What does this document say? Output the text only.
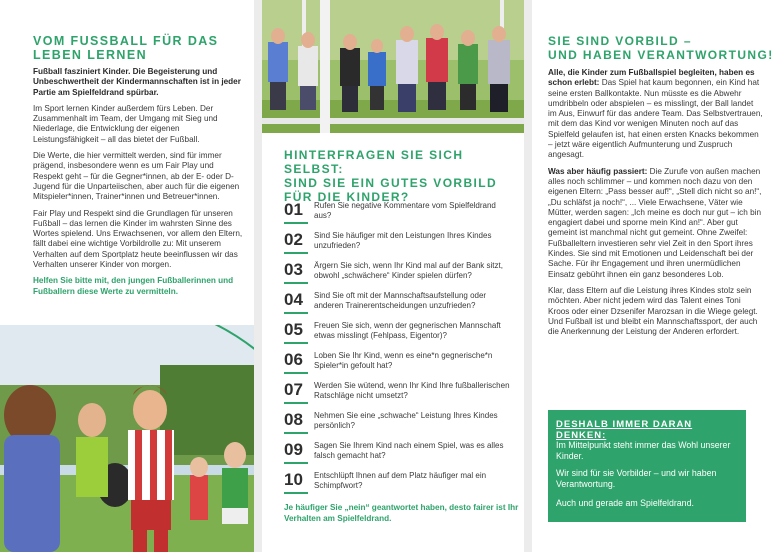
VOM FUSSBALL FÜR DAS
LEBEN LERNEN

Fußball fasziniert Kinder. Die Begeisterung und Unbeschwertheit der Kindermannschaften ist in jeder Partie am Spielfeldrand spürbar.

Im Sport lernen Kinder außerdem fürs Leben. Der Zusammenhalt im Team, der Umgang mit Sieg und Niederlage, die Entwicklung der eigenen Leistungsfähigkeit – all das bietet der Fußball.

Die Werte, die hier vermittelt werden, sind für immer prägend, insbesondere wenn es um Fair Play und Respekt geht – für die Gegner*innen, ab der E- oder D-Jugend für die Unparteiischen, aber auch für die eigenen Mitspieler*innen, Trainer*innen und Betreuer*innen.

Fair Play und Respekt sind die Grundlagen für unseren Fußball – das lernen die Kinder im wahrsten Sinne des Wortes spielend. Uns Erwachsenen, vor allem den Eltern, fällt dabei eine wichtige Vorbildrolle zu: Mit unserem Verhalten auf dem Sportplatz heute beeinflussen wir das Verhalten unserer Kinder von morgen.

Helfen Sie bitte mit, den jungen Fußballerinnen und Fußballern diese Werte zu vermitteln.

HINTERFRAGEN SIE SICH SELBST:
SIND SIE EIN GUTES VORBILD
FÜR DIE KINDER?
01	Rufen Sie negative Kommentare vom Spielfeldrand aus?
02	Sind Sie häufiger mit den Leistungen Ihres Kindes unzufrieden?
03	Ärgern Sie sich, wenn Ihr Kind mal auf der Bank sitzt, obwohl „schwächere“ Kinder spielen dürfen?
04	Sind Sie oft mit der Mannschaftsaufstellung oder anderen Trainerentscheidungen unzufrieden?
05	Freuen Sie sich, wenn der gegnerischen Mannschaft etwas misslingt (Fehlpass, Eigentor)?
06	Loben Sie Ihr Kind, wenn es eine*n gegnerische*n Spieler*in gefoult hat?
07	Werden Sie wütend, wenn Ihr Kind Ihre fußballerischen Ratschläge nicht umsetzt?
08	Nehmen Sie eine „schwache“ Leistung Ihres Kindes persönlich?
09	Sagen Sie Ihrem Kind nach einem Spiel, was es alles falsch gemacht hat?
10	Entschlüpft Ihnen auf dem Platz häufiger mal ein Schimpfwort?
Je häufiger Sie „nein“ geantwortet haben, desto fairer ist Ihr Verhalten am Spielfeldrand.
SIE SIND VORBILD –
UND HABEN VERANTWORTUNG!

Alle, die Kinder zum Fußballspiel begleiten, haben es schon erlebt: Das Spiel hat kaum begonnen, ein Kind hat seine ersten Ballkontakte. Nun müsste es die Abwehr umdribbeln oder abspielen – es misslingt, der Ball landet im Aus, Einwurf für das andere Team. Das Selbstvertrauen, mit dem das Kind vor wenigen Minuten noch auf das Spielfeld gelaufen ist, hat einen ersten Knacks bekommen – jetzt wäre eigentlich Aufmunterung und Zuspruch angesagt.

Was aber häufig passiert: Die Zurufe von außen machen alles noch schlimmer – und kommen noch dazu von den eigenen Eltern: „Pass besser auf!“, „Stell dich nicht so an!“, „Du schläfst ja noch!“, ... Viele Erwachsene, Väter wie Mütter, werden sagen: „Ich meine es doch nur gut – ich bin engagiert dabei und sporne mein Kind an!“. Aber gut gemeint ist manchmal nicht gut gemeint. Ohne Zweifel: Fußballeltern investieren sehr viel Zeit in den Sport ihres Kindes. Sie sind mit Emotionen und Leidenschaft bei der Sache. Für ihr Engagement und ihren unermüdlichen Einsatz gebührt ihnen ein ganz besonderes Lob.

Klar, dass Eltern auf die Leistung ihres Kindes stolz sein möchten. Aber nicht jedem wird das Talent eines Toni Kroos oder einer Dzsenifer Marozsan in die Wiege gelegt. Und Fußball ist und bleibt ein Mannschaftssport, der auch die Anerkennung der Leistung der Anderen erfordert.

DESHALB IMMER DARAN DENKEN:
Im Mittelpunkt steht immer das Wohl unserer Kinder.
Wir sind für sie Vorbilder – und wir haben Verantwortung.
Auch und gerade am Spielfeldrand.
